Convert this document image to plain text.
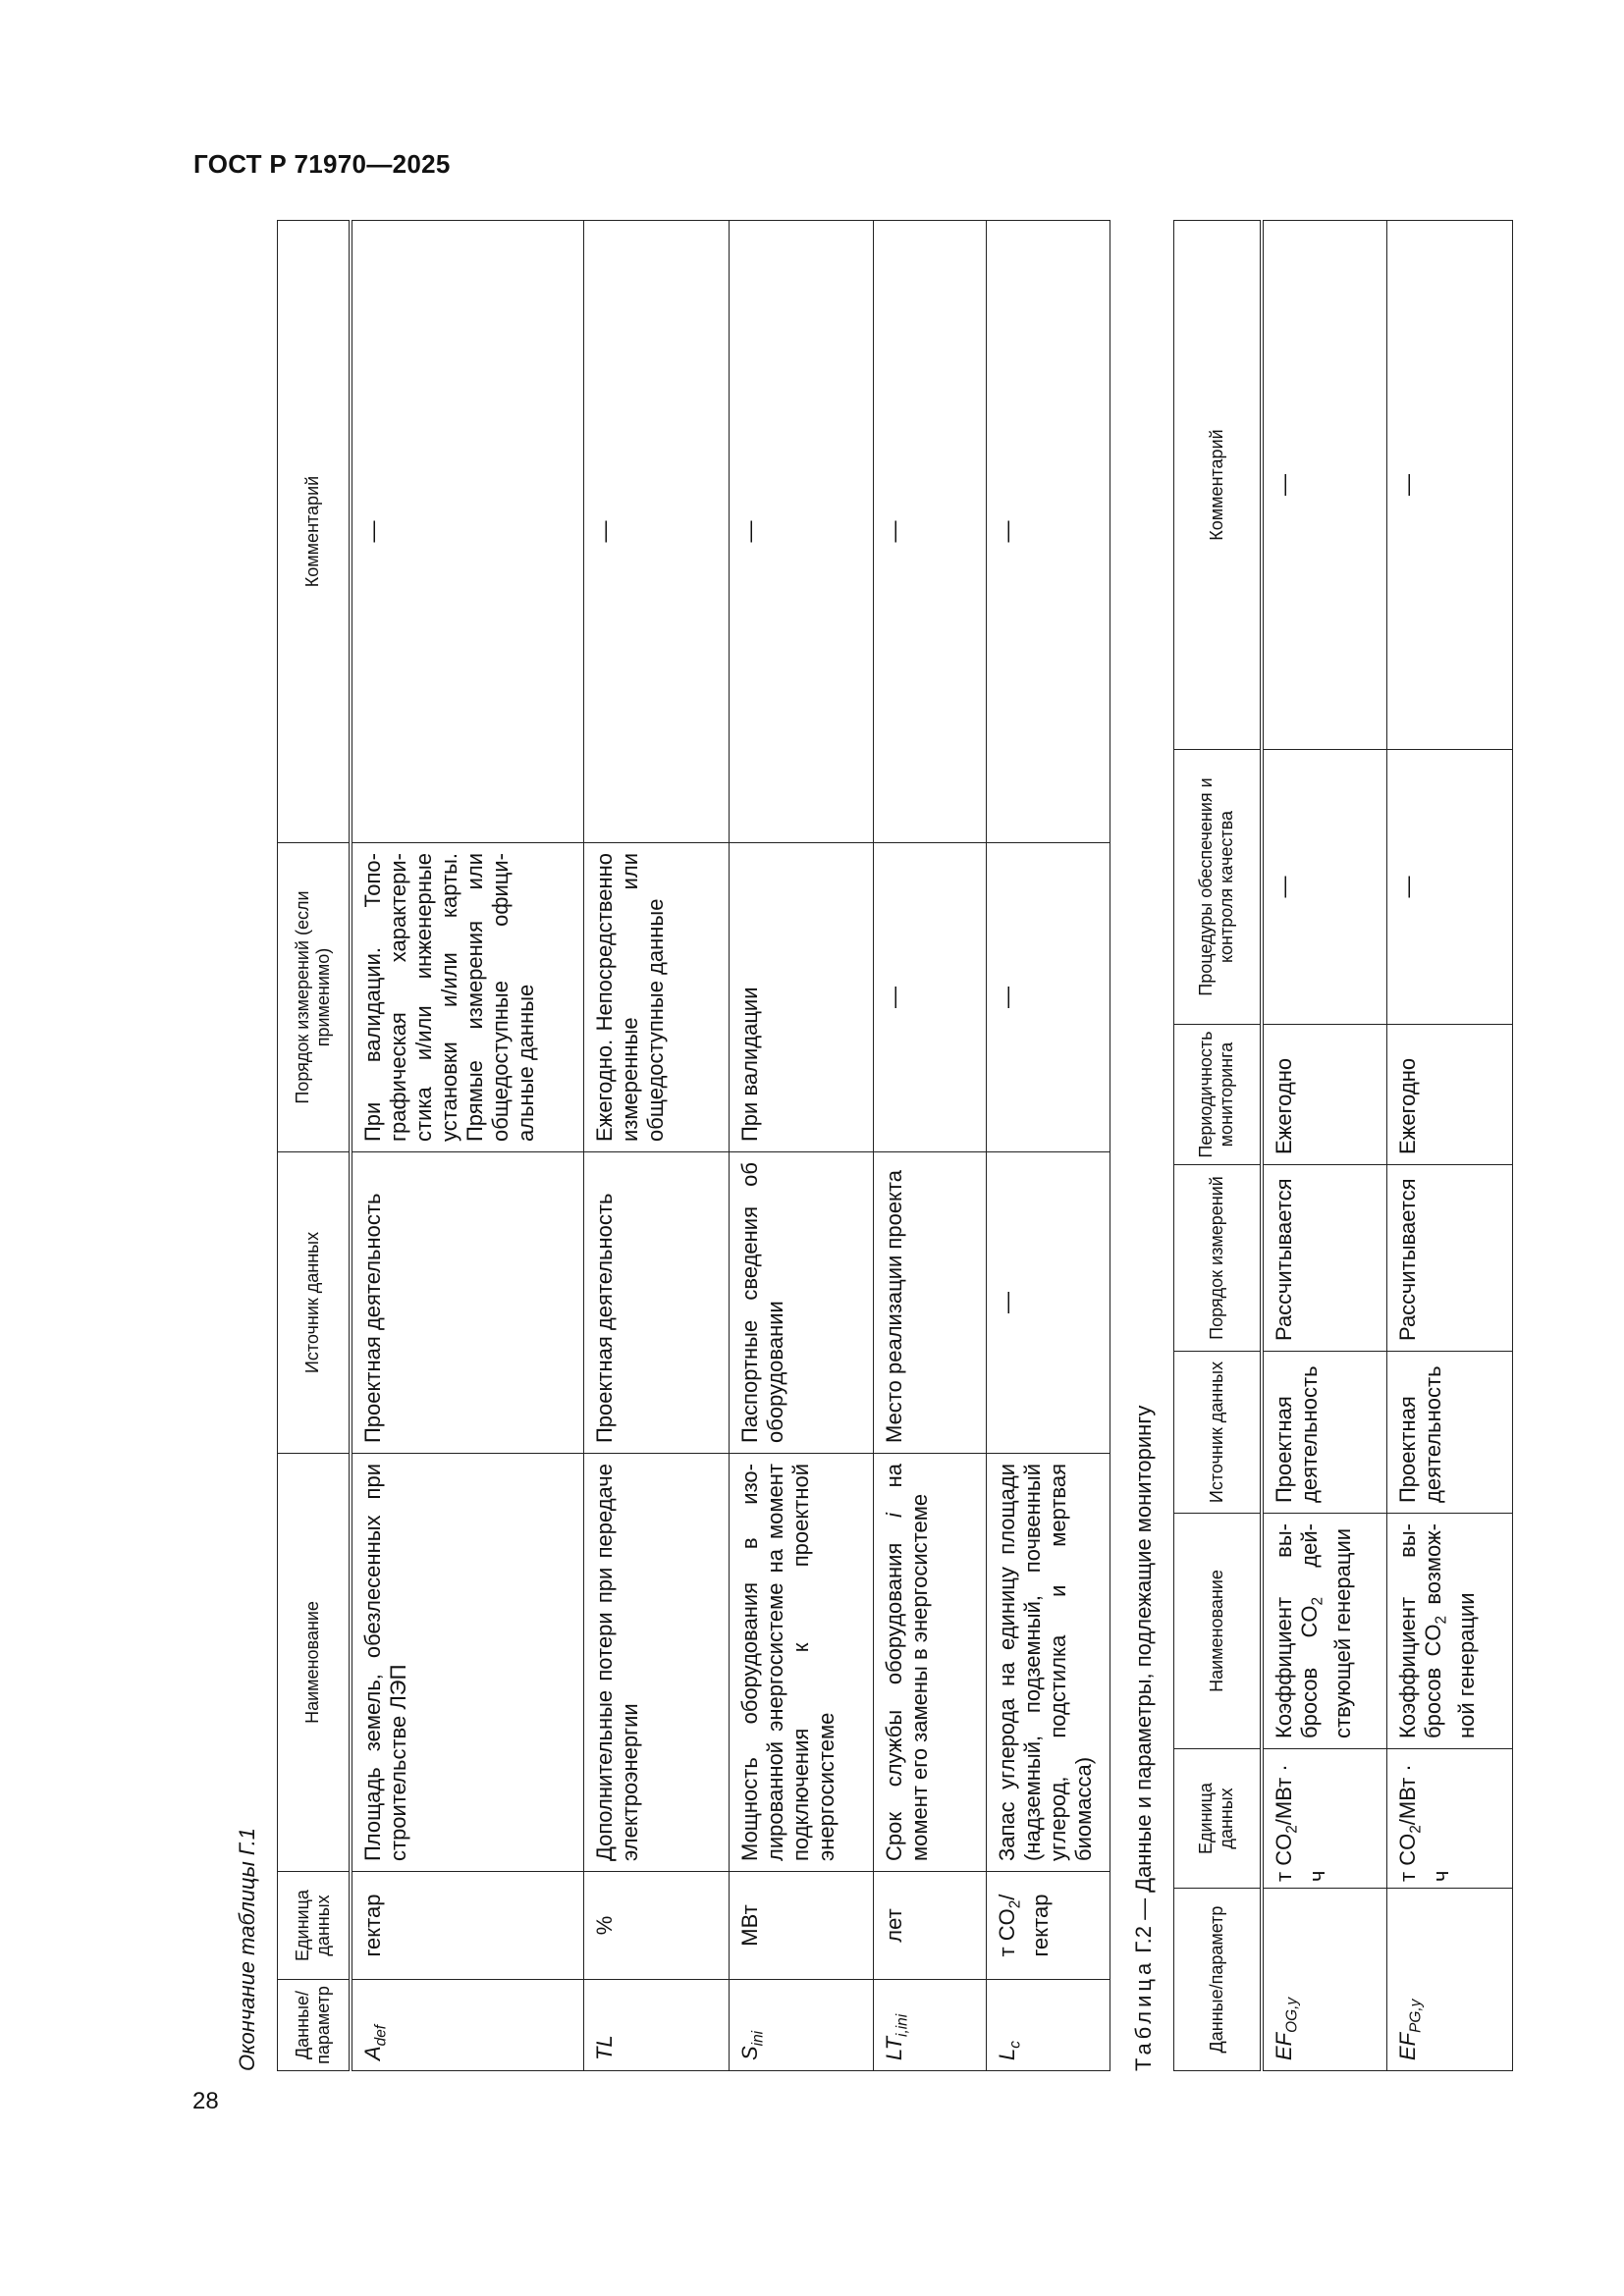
ГОСТ Р 71970—2025
28
Окончание таблицы Г.1	Данные/ параметр	Единица данных	Наименование	Источник данных	Порядок измерений (если применимо)	Комментарий
$A_{def}$	гектар	Площадь земель, обезлесенных при строительстве ЛЭП	Проектная деятельность	При валидации. Топографическая характеристика и/или инженерные установки и/или карты. Прямые измерения или общедоступные официальные данные	—
TL	%	Дополнительные потери при передаче электроэнергии	Проектная деятельность	Ежегодно. Непосредственно измеренные или общедоступные данные	—
$S_{ini}$	МВт	Мощность оборудования в изолированной энергосистеме на момент подключения к проектной энергосистеме	Паспортные сведения об оборудовании	При валидации	—
$LT_{i,ini}$	лет	Срок службы оборудования i на момент его замены в энергосистеме	Место реализации проекта	—	—
$L_c$	т $CO_2$/гектар	Запас углерода на единицу площади (надземный, подземный, почвенный углерод, подстилка и мертвая биомасса)	—	—	—
Таблица Г.2 — Данные и параметры, подлежащие мониторингу
Данные/параметр	Единица данных	Наименование	Источник данных	Порядок измерений	Периодичность мониторинга	Процедуры обеспечения и контроля качества	Комментарий
$EF_{OG,y}$	т $CO_2$/МВт · ч	Коэффициент выбросов $CO_2$ действующей генерации	Проектная деятельность	Рассчитывается	Ежегодно	—	—
$EF_{PG,y}$	т $CO_2$/МВт · ч	Коэффициент выбросов $CO_2$ возможной генерации	Проектная деятельность	Рассчитывается	Ежегодно	—	—
